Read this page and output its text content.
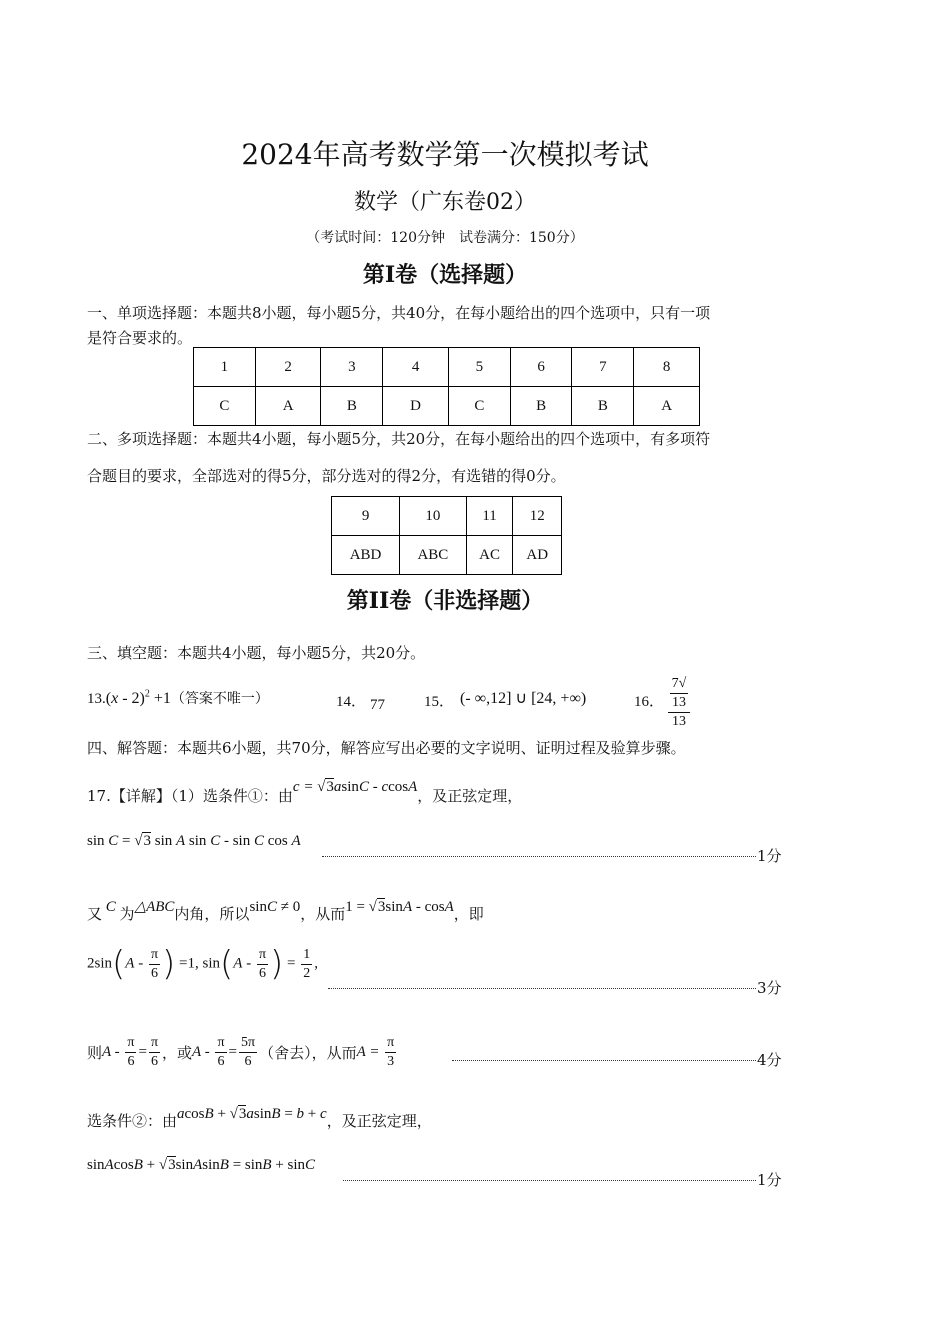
2024年高考数学第一次模拟考试
数学（广东卷02）
（考试时间：120分钟　试卷满分：150分）
第I卷（选择题）
一、单项选择题：本题共8小题，每小题5分，共40分，在每小题给出的四个选项中，只有一项
是符合要求的。
1	2	3	4	5	6	7	8
C	A	B	D	C	B	B	A
二、多项选择题：本题共4小题，每小题5分，共20分，在每小题给出的四个选项中，有多项符
合题目的要求，全部选对的得5分，部分选对的得2分，有选错的得0分。
9	10	11	12
ABD	ABC	AC	AD
第II卷（非选择题）
三、填空题：本题共4小题，每小题5分，共20分。
13.(x - 2)$^2$ +1（答案不唯一）	14． 77	15． (- ∞,12] ∪ [24, +∞)	16． 7√
13
13
四、解答题：本题共6小题，共70分，解答应写出必要的文字说明、证明过程及验算步骤。
17.【详解】（1）选条件①：由c = √3asinC - ccosA，及正弦定理，
sin C = √3 sin A sin C - sin C cos A
1分
又 C 为△ABC内角，所以sinC ≠ 0，从而1 = √3sinA - cosA，即
$2\sin(A - \frac{\pi}{6}$ ) =1, $\sin(A - \frac{\pi}{6}$ ) = $\frac{1}{2}$ ,
3分
则$A - \frac{\pi}{6} = \frac{\pi}{6}$ ，或$A - \frac{\pi}{6} = \frac{5\pi}{6}$ （舍去），从而$A = \frac{\pi}{3}$	4分
选条件②：由acosB + √3asinB = b + c，及正弦定理，
sinAcosB + √3sinAsinB = sinB + sinC
1分
